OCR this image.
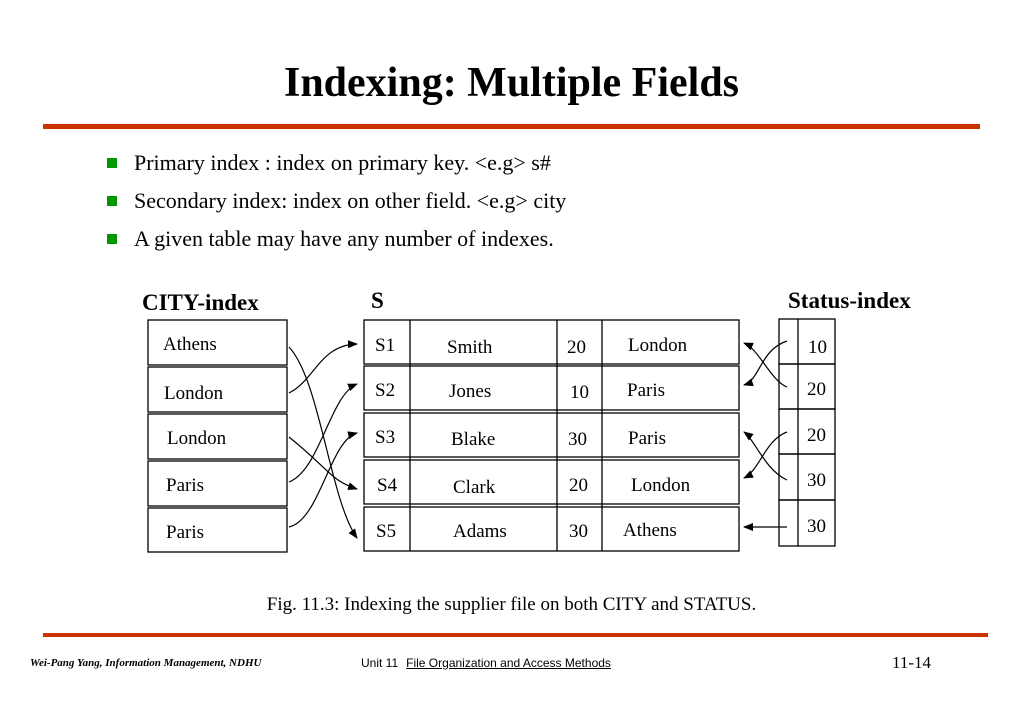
Indexing: Multiple Fields
Primary index : index on primary key. <e.g> s#
Secondary index: index on other field. <e.g> city
A given table may have any number of indexes.
CITY-index	S	Status-index
Athens
London
London
Paris
Paris
S1	Smith	20 London
S2	Jones	10 Paris
S3	Blake	30 Paris
S4	Clark	20 London
S5	Adams	30 Athens
10
20
20
30
30
Fig. 11.3: Indexing the supplier file on both CITY and STATUS.
Wei-Pang Yang, Information Management, NDHU	Unit 11 File Organization and Access Methods	11-14
